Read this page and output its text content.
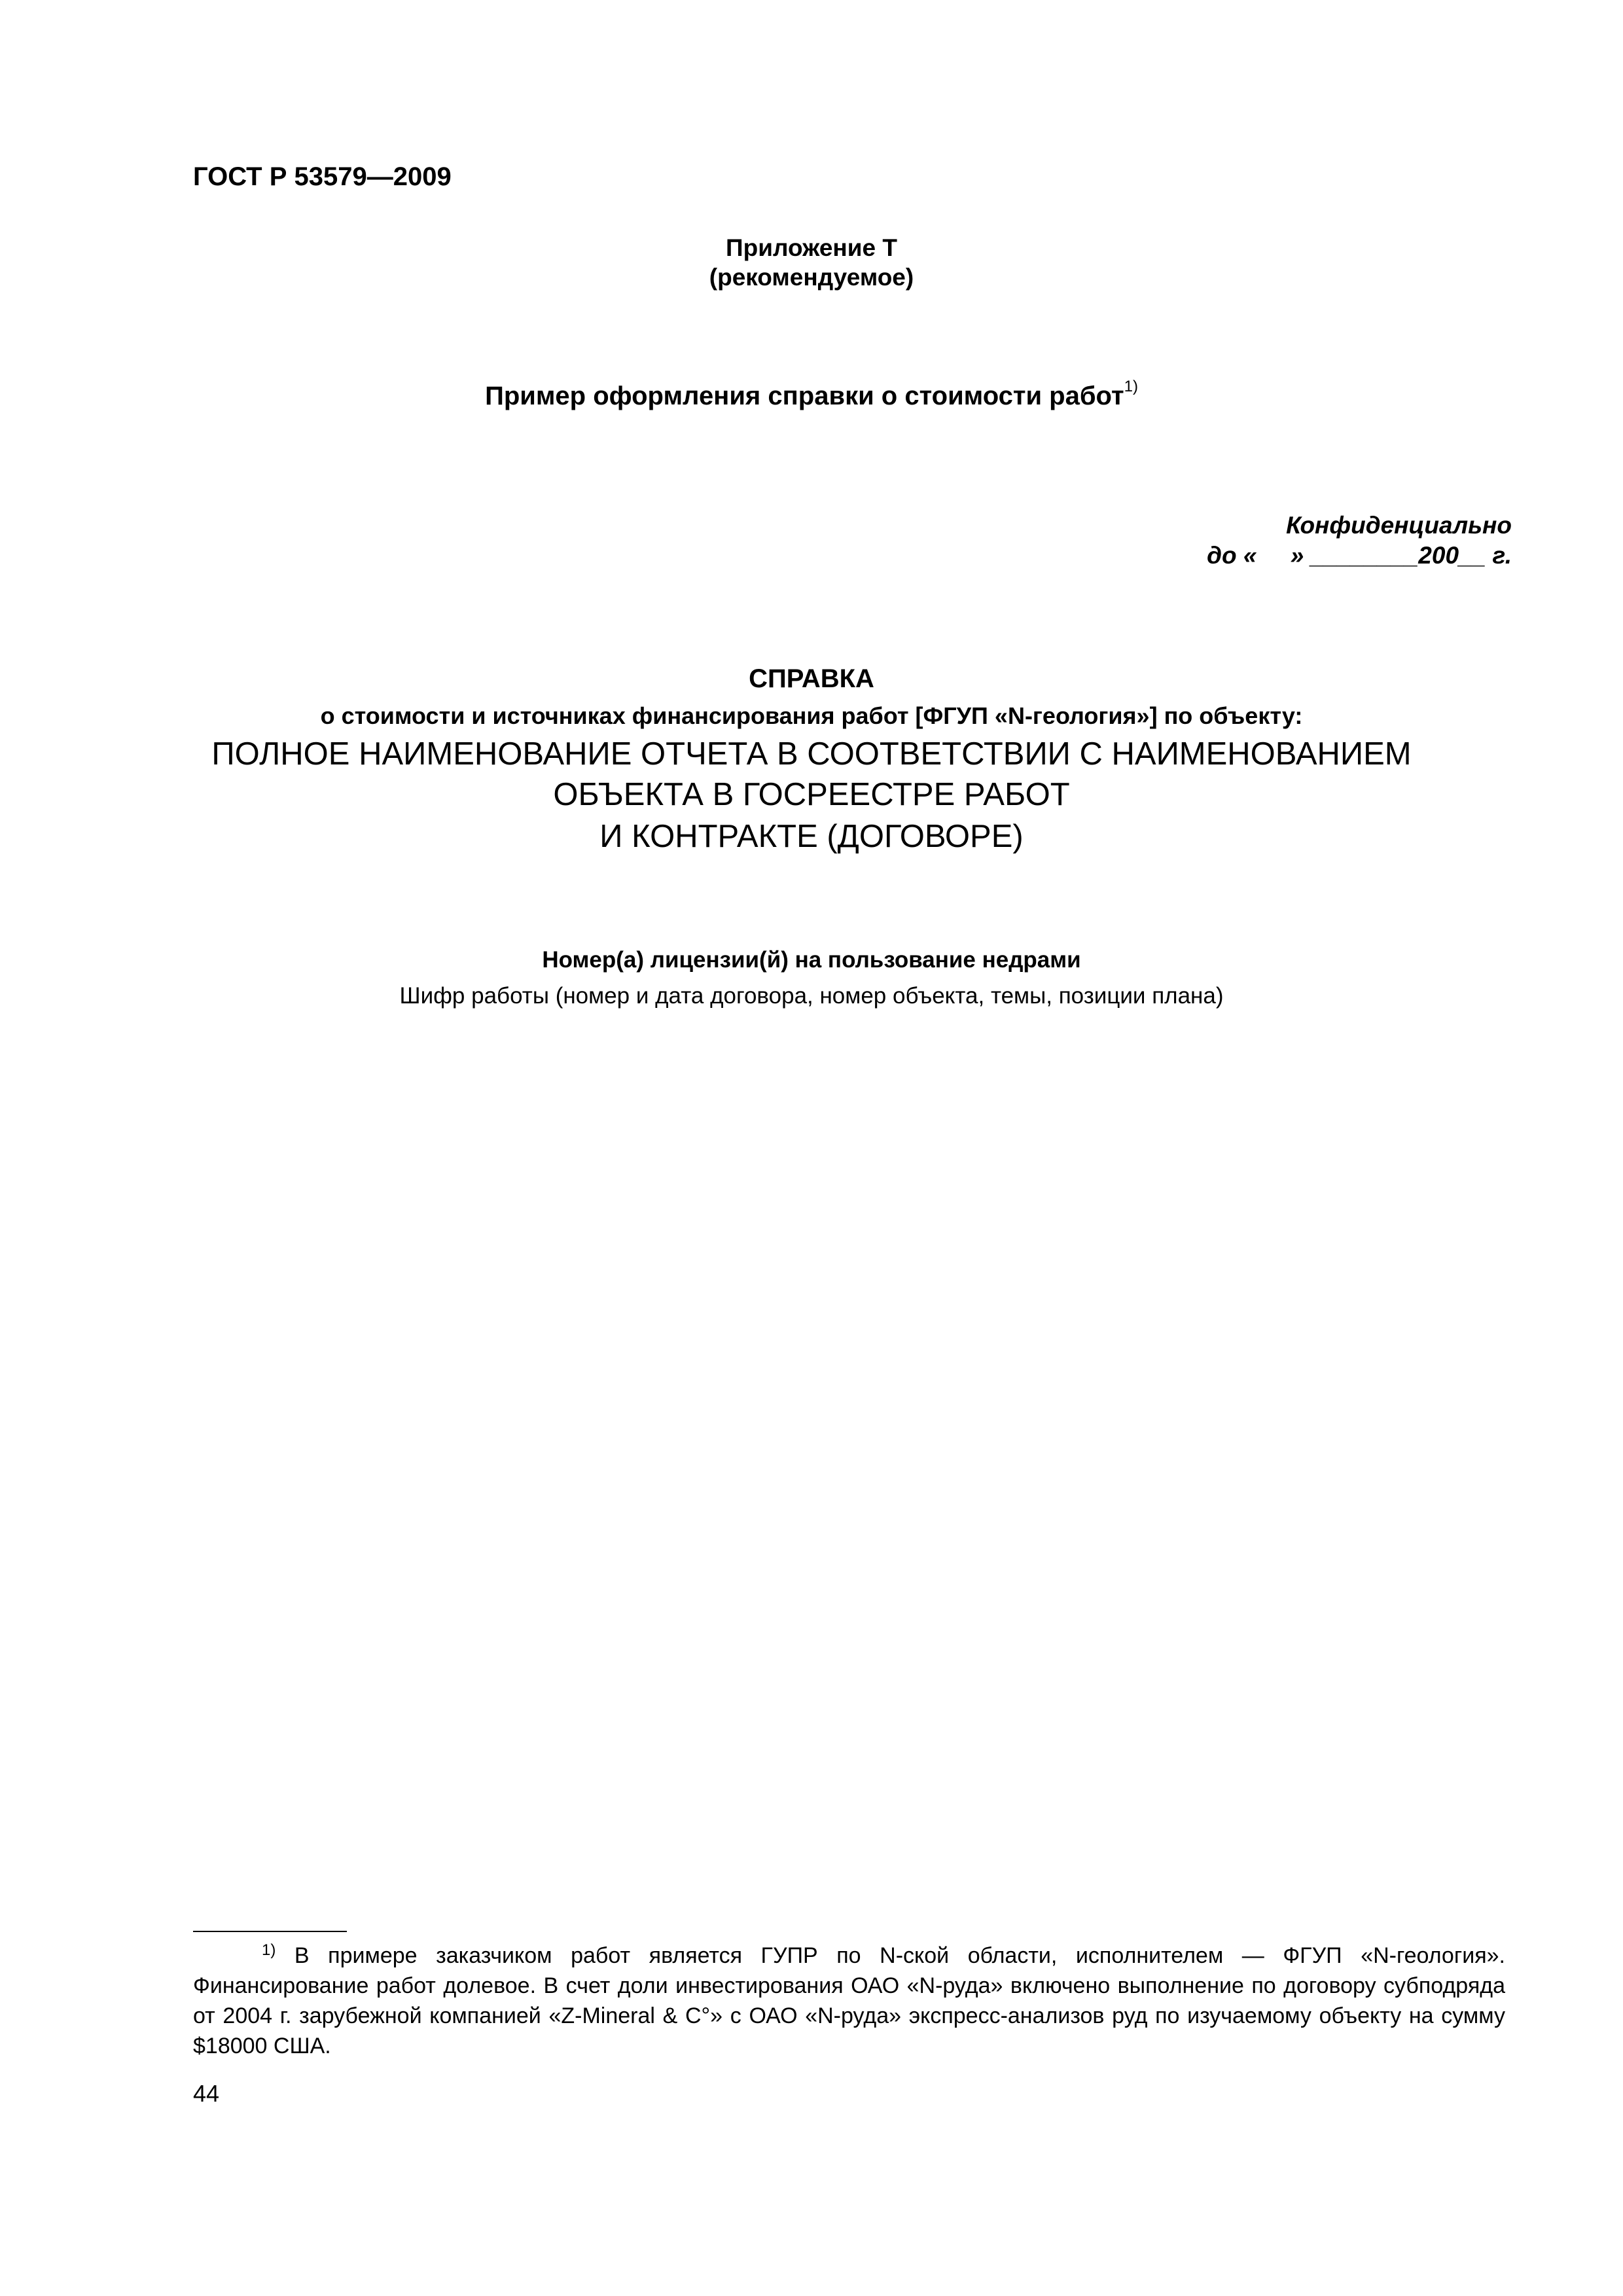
ГОСТ Р 53579—2009
Приложение Т
(рекомендуемое)
Пример оформления справки о стоимости работ$^{1)}$
Конфиденциально
до «     » ________200__ г.
СПРАВКА
о стоимости и источниках финансирования работ [ФГУП «N-геология»] по объекту:
ПОЛНОЕ НАИМЕНОВАНИЕ ОТЧЕТА В СООТВЕТСТВИИ С НАИМЕНОВАНИЕМ
ОБЪЕКТА В ГОСРЕЕСТРЕ РАБОТ
И КОНТРАКТЕ (ДОГОВОРЕ)
Номер(а) лицензии(й) на пользование недрами
Шифр работы (номер и дата договора, номер объекта, темы, позиции плана)
$^{1)}$ В примере заказчиком работ является ГУПР по N-ской области, исполнителем — ФГУП «N-геология». Финансирование работ долевое. В счет доли инвестирования ОАО «N-руда» включено выполнение по договору субподряда от 2004 г. зарубежной компанией «Z-Mineral & C°» с ОАО «N-руда» экспресс-анализов руд по изучаемому объекту на сумму $18000 США.
44
